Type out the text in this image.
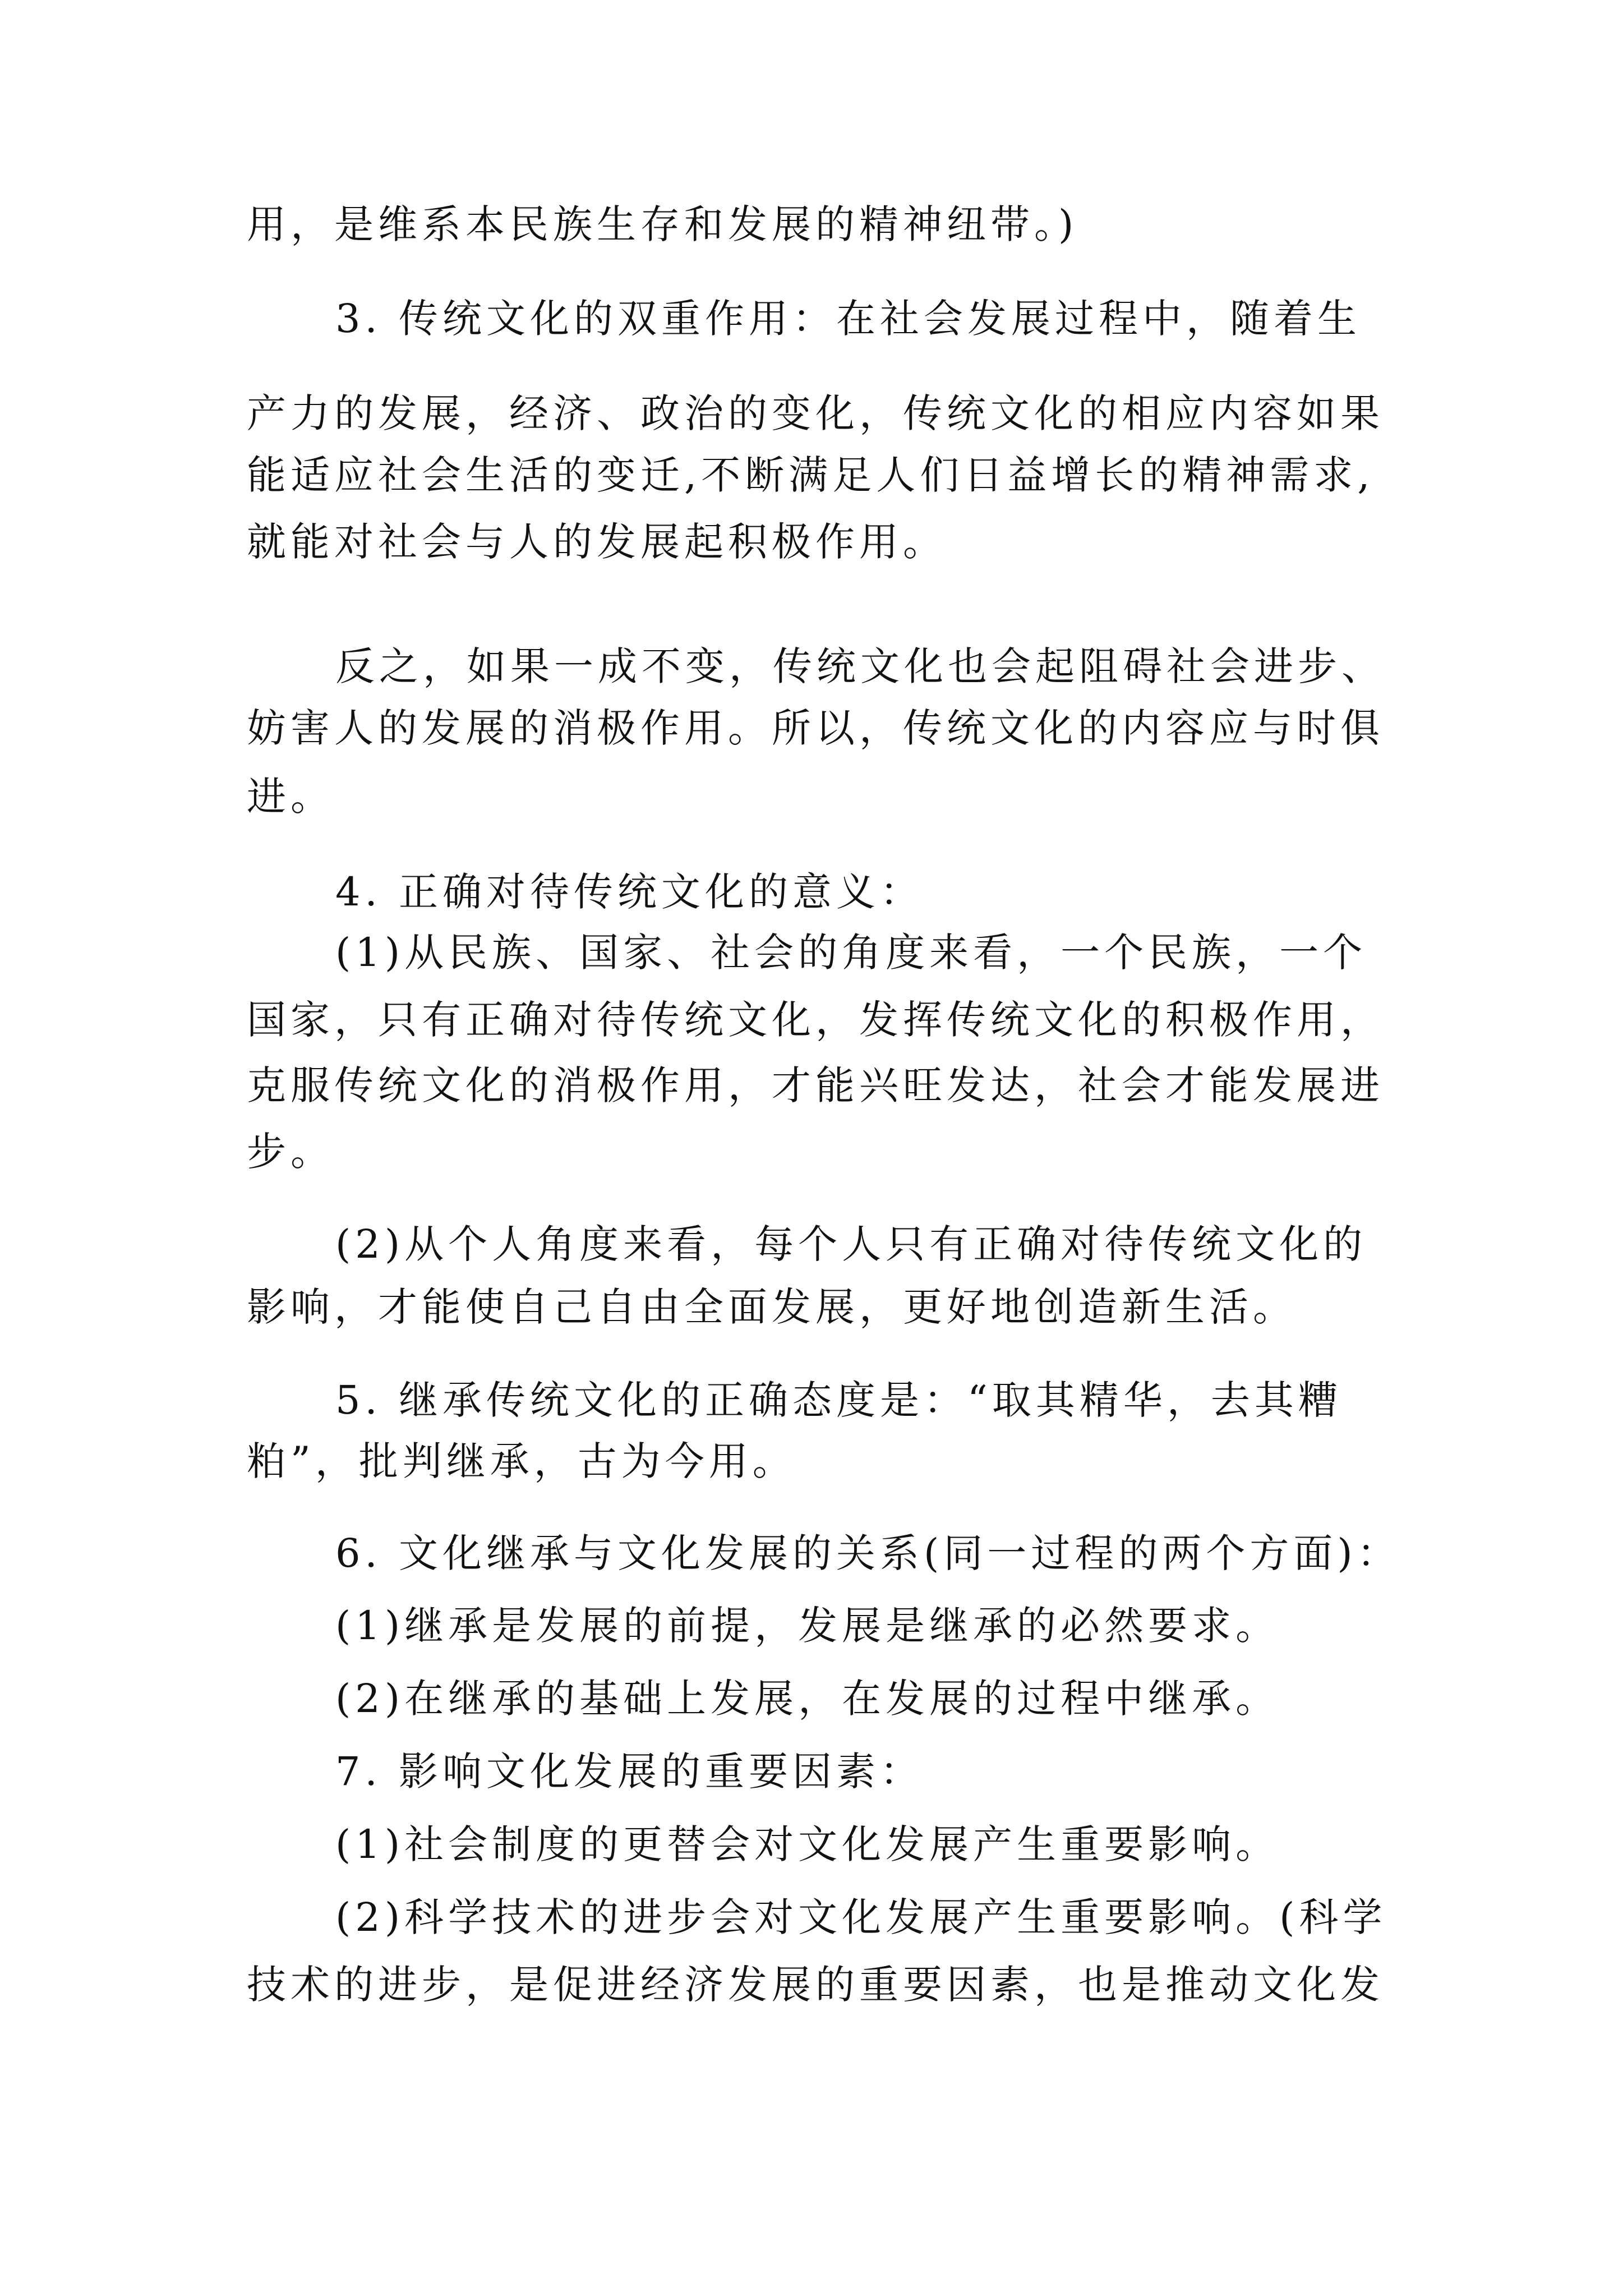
用，是维系本民族生存和发展的精神纽带。)

3. 传统文化的双重作用：在社会发展过程中，随着生

产力的发展，经济、政治的变化，传统文化的相应内容如果

能适应社会生活的变迁,不断满足人们日益增长的精神需求,

就能对社会与人的发展起积极作用。

反之，如果一成不变，传统文化也会起阻碍社会进步、

妨害人的发展的消极作用。所以，传统文化的内容应与时俱

进。

4. 正确对待传统文化的意义：

(1)从民族、国家、社会的角度来看，一个民族，一个

国家，只有正确对待传统文化，发挥传统文化的积极作用，

克服传统文化的消极作用，才能兴旺发达，社会才能发展进

步。

(2)从个人角度来看，每个人只有正确对待传统文化的

影响，才能使自己自由全面发展，更好地创造新生活。

5. 继承传统文化的正确态度是：“取其精华，去其糟

粕”，批判继承，古为今用。

6. 文化继承与文化发展的关系(同一过程的两个方面)：

(1)继承是发展的前提，发展是继承的必然要求。

(2)在继承的基础上发展，在发展的过程中继承。

7. 影响文化发展的重要因素：

(1)社会制度的更替会对文化发展产生重要影响。

(2)科学技术的进步会对文化发展产生重要影响。(科学

技术的进步，是促进经济发展的重要因素，也是推动文化发
